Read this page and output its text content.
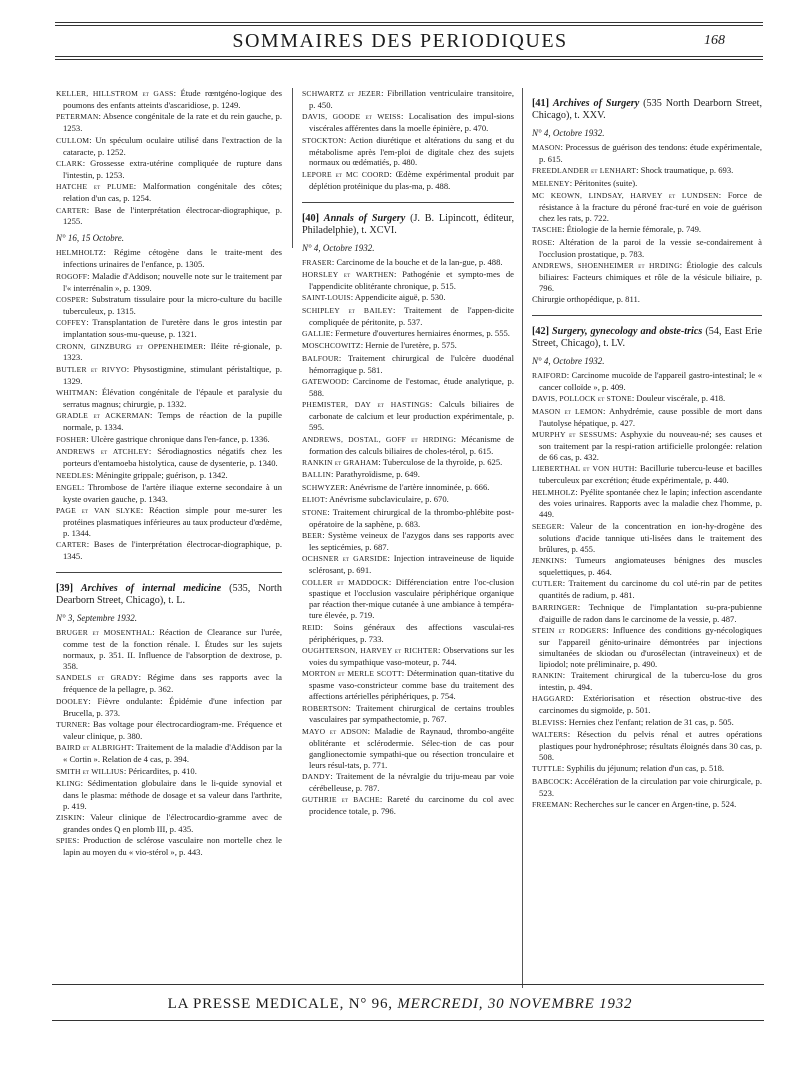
SOMMAIRES DES PERIODIQUES	168
KELLER, HILLSTROM et GASS: Étude rœntgéno-logique des poumons des enfants atteints d'ascaridiose, p. 1249.
PETERMAN: Absence congénitale de la rate et du rein gauche, p. 1253.
CULLOM: Un spéculum oculaire utilisé dans l'extraction de la cataracte, p. 1252.
CLARK: Grossesse extra-utérine compliquée de rupture dans l'intestin, p. 1253.
HATCHE et PLUME: Malformation congénitale des côtes; relation d'un cas, p. 1254.
CARTER: Base de l'interprétation électrocar-diographique, p. 1255.
N° 16, 15 Octobre.
HELMHOLTZ: Régime cétogène dans le traite-ment des infections urinaires de l'enfance, p. 1305.
ROGOFF: Maladie d'Addison; nouvelle note sur le traitement par l'« interrénalin », p. 1309.
COSPER: Substratum tissulaire pour la micro-culture du bacille tuberculeux, p. 1315.
COFFEY: Transplantation de l'uretère dans le gros intestin par implantation sous-mu-queuse, p. 1321.
CRONN, GINZBURG et OPPENHEIMER: Iléite ré-gionale, p. 1323.
BUTLER et RIVYO: Physostigmine, stimulant péristaltique, p. 1329.
WHITMAN: Élévation congénitale de l'épaule et paralysie du serratus magnus; chirurgie, p. 1332.
GRADLE et ACKERMAN: Temps de réaction de la pupille normale, p. 1334.
FOSHER: Ulcère gastrique chronique dans l'en-fance, p. 1336.
ANDREWS et ATCHLEY: Sérodiagnostics négatifs chez les porteurs d'entamoeba histolytica, cause de dysenterie, p. 1340.
NEEDLES: Méningite grippale; guérison, p. 1342.
ENGEL: Thrombose de l'artère iliaque externe secondaire à un kyste ovarien gauche, p. 1343.
PAGE et VAN SLYKE: Réaction simple pour me-surer les protéines plasmatiques inférieures au taux producteur d'œdème, p. 1344.
CARTER: Bases de l'interprétation électrocar-diographique, p. 1345.
[39] Archives of internal medicine (535, North Dearborn Street, Chicago), t. L.
N° 3, Septembre 1932.
BRUGER et MOSENTHAL: Réaction de Clearance sur l'urée, comme test de la fonction rénale. I. Études sur les sujets normaux, p. 351. II. Influence de l'absorption de dextrose, p. 358.
SANDELS et GRADY: Régime dans ses rapports avec la fréquence de la pellagre, p. 362.
DOOLEY: Fièvre ondulante: Épidémie d'une infection par Brucella, p. 373.
TURNER: Bas voltage pour électrocardiogram-me. Fréquence et valeur clinique, p. 380.
BAIRD et ALBRIGHT: Traitement de la maladie d'Addison par la « Cortin ». Relation de 4 cas, p. 394.
SMITH et WILLIUS: Péricardites, p. 410.
KLING: Sédimentation globulaire dans le li-quide synovial et dans le plasma: méthode de dosage et sa valeur dans l'arthrite, p. 419.
ZISKIN: Valeur clinique de l'électrocardio-gramme avec de grandes ondes Q en plomb III, p. 435.
SPIES: Production de sclérose vasculaire non mortelle chez le lapin au moyen du « vio-stérol », p. 443.
SCHWARTZ et JEZER: Fibrillation ventriculaire transitoire, p. 450.
DAVIS, GOODE et WEISS: Localisation des impul-sions viscérales afférentes dans la moelle épinière, p. 470.
STOCKTON: Action diurétique et altérations du sang et du métabolisme après l'em-ploi de digitale chez des sujets normaux ou œdématiés, p. 480.
LEPORE et MC COORD: Œdème expérimental produit par déplétion protéinique du plas-ma, p. 488.
[40] Annals of Surgery (J. B. Lipincott, éditeur, Philadelphie), t. XCVI.
N° 4, Octobre 1932.
FRASER: Carcinome de la bouche et de la lan-gue, p. 488.
HORSLEY et WARTHEN: Pathogénie et sympto-mes de l'appendicite oblitérante chronique, p. 515.
SAINT-LOUIS: Appendicite aiguë, p. 530.
SCHIPLEY et BAILEY: Traitement de l'appen-dicite compliquée de péritonite, p. 537.
GALLIE: Fermeture d'ouvertures herniaires énormes, p. 555.
MOSCHCOWITZ: Hernie de l'uretère, p. 575.
BALFOUR: Traitement chirurgical de l'ulcère duodénal hémorragique p. 581.
GATEWOOD: Carcinome de l'estomac, étude analytique, p. 588.
PHEMISTER, DAY et HASTINGS: Calculs biliaires de carbonate de calcium et leur production expérimentale, p. 595.
ANDREWS, DOSTAL, GOFF et HRDING: Mécanisme de formation des calculs biliaires de choles-térol, p. 615.
RANKIN et GRAHAM: Tuberculose de la thyroïde, p. 625.
BALLIN: Parathyroïdisme, p. 649.
SCHWYZER: Anévrisme de l'artère innominée, p. 666.
ELIOT: Anévrisme subclaviculaire, p. 670.
STONE: Traitement chirurgical de la thrombo-phlébite post-opératoire de la saphène, p. 683.
BEER: Système veineux de l'azygos dans ses rapports avec les septicémies, p. 687.
OCHSNER et GARSIDE: Injection intraveineuse de liquide sclérosant, p. 691.
COLLER et MADDOCK: Différenciation entre l'oc-clusion spastique et l'occlusion vasculaire périphérique organique par réaction ther-mique cutanée à une ambiance à tempéra-ture élevée, p. 719.
REID: Soins généraux des affections vasculai-res périphériques, p. 733.
OUGHTERSON, HARVEY et RICHTER: Observations sur les voies du sympathique vaso-moteur, p. 744.
MORTON et MERLE SCOTT: Détermination quan-titative du spasme vaso-constricteur comme base du traitement des affections artérielles périphériques, p. 754.
ROBERTSON: Traitement chirurgical de certains troubles vasculaires par sympathectomie, p. 767.
MAYO et ADSON: Maladie de Raynaud, thrombo-angéite oblitérante et sclérodermie. Sélec-tion de cas pour ganglionectomie sympathi-que ou résection tronculaire et leurs résul-tats, p. 771.
DANDY: Traitement de la névralgie du triju-meau par voie cérébelleuse, p. 787.
GUTHRIE et BACHE: Rareté du carcinome du col avec procidence totale, p. 796.
[41] Archives of Surgery (535 North Dearborn Street, Chicago), t. XXV.
N° 4, Octobre 1932.
MASON: Processus de guérison des tendons: étude expérimentale, p. 615.
FREEDLANDER et LENHART: Shock traumatique, p. 693.
MELENEY: Péritonites (suite).
MC KEOWN, LINDSAY, HARVEY et LUNDSEN: Force de résistance à la fracture du péroné frac-turé en voie de guérison chez les rats, p. 722.
TASCHE: Étiologie de la hernie fémorale, p. 749.
ROSE: Altération de la paroi de la vessie se-condairement à l'occlusion prostatique, p. 783.
ANDREWS, SHOENHEIMER et HRDING: Étiologie des calculs biliaires: Facteurs chimiques et rôle de la vésicule biliaire, p. 796.
Chirurgie orthopédique, p. 811.
[42] Surgery, gynecology and obste-trics (54, East Erie Street, Chicago), t. LV.
N° 4, Octobre 1932.
RAIFORD: Carcinome mucoïde de l'appareil gastro-intestinal; le « cancer colloïde », p. 409.
DAVIS, POLLOCK et STONE: Douleur viscérale, p. 418.
MASON et LEMON: Anhydrémie, cause possible de mort dans l'autolyse hépatique, p. 427.
MURPHY et SESSUMS: Asphyxie du nouveau-né; ses causes et son traitement par la respi-ration artificielle prolongée: relation de 66 cas, p. 432.
LIEBERTHAL et VON HUTH: Bacillurie tubercu-leuse et bacilles tuberculeux par excrétion; étude expérimentale, p. 440.
HELMHOLZ: Pyélite spontanée chez le lapin; infection ascendante des voies urinaires. Rapports avec la maladie chez l'homme, p. 449.
SEEGER: Valeur de la concentration en ion-hy-drogène des solutions d'acide tannique uti-lisées dans le traitement des brûlures, p. 455.
JENKINS: Tumeurs angiomateuses bénignes des muscles squelettiques, p. 464.
CUTLER: Traitement du carcinome du col uté-rin par de petites quantités de radium, p. 481.
BARRINGER: Technique de l'implantation su-pra-pubienne d'aiguille de radon dans le carcinome de la vessie, p. 487.
STEIN et RODGERS: Influence des conditions gy-nécologiques sur l'appareil génito-urinaire démontrées par injections simultanées de skiodan ou d'urosélectan (intraveineux) et de lipiodol; note préliminaire, p. 490.
RANKIN: Traitement chirurgical de la tubercu-lose du gros intestin, p. 494.
HAGGARD: Extériorisation et résection obstruc-tive des carcinomes du sigmoïde, p. 501.
BLEVISS: Hernies chez l'enfant; relation de 31 cas, p. 505.
WALTERS: Résection du pelvis rénal et autres opérations plastiques pour hydronéphrose; résultats éloignés dans 30 cas, p. 508.
TUTTLE: Syphilis du jéjunum; relation d'un cas, p. 518.
BABCOCK: Accélération de la circulation par voie chirurgicale, p. 523.
FREEMAN: Recherches sur le cancer en Argen-tine, p. 524.
LA PRESSE MEDICALE, N° 96, MERCREDI, 30 NOVEMBRE 1932
